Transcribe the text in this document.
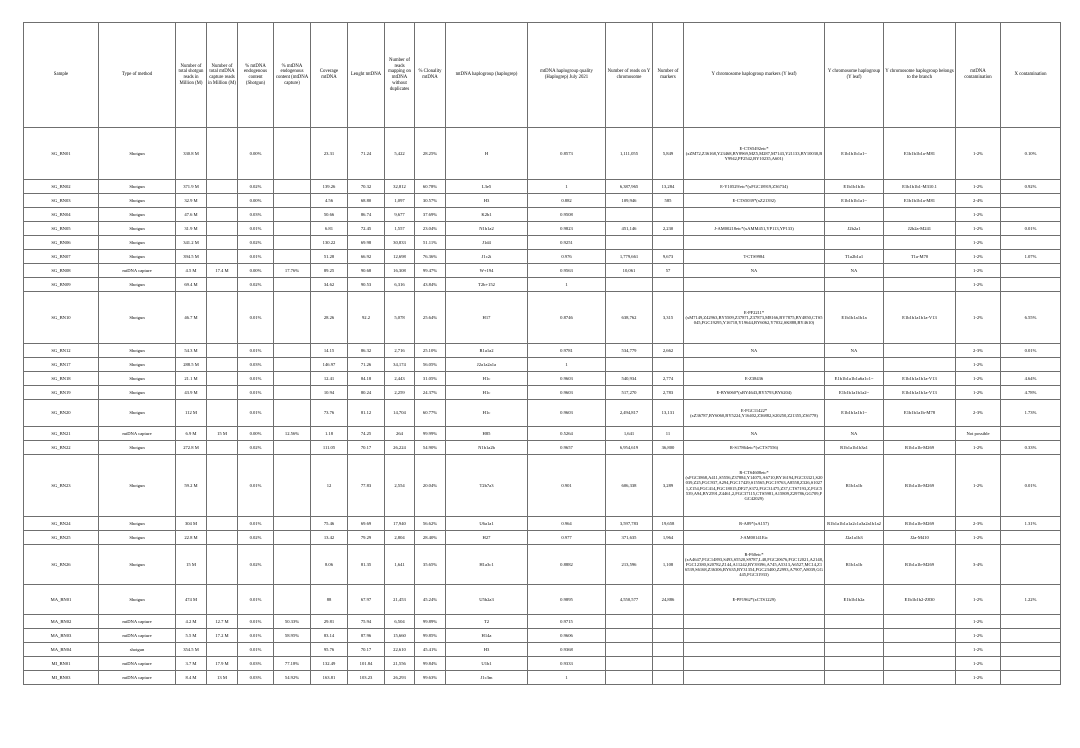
Sample	Type of method	Number of total shotgun reads in Million (M)	Number of total mtDNA capture reads in Million (M)	% mtDNA endogenous content (Shotgun)	% mtDNA endogenous content (mtDNA capture)	Coverage mtDNA	Lenght mtDNA	Number of reads mapping on mtDNA without duplicates	% Clonality mtDNA	mtDNA haplogroup (haplogrep)	mtDNA haplogroup quality (Haplogrep) July 2021	Number of reads on Y chromosome	Number of markers	Y chromosome haplogroup markers (Y leaf)	Y chromosome haplogroup (Y leaf)	Y chromosome haplogroup belongs to the branch	mtDNA contamination	X contamination
SG_BN01	Shotgun	330.8 M		0.00%		23.31	71.24	5,422	28.25%	H	0.8573	1,111,055	5,849	E-CTS5492etc*(xZM72,Z36168,Y23468,BY8969,MZ5,M287,M7143,Y21133,BY10030,BY9942,PF2542,BY10235,A601)	E1b1b1b1a1~	E1b1b1b1a-M81	1-2%	0.10%
SG_BN02	Shotgun	371.9 M		0.02%		139.26	70.32	32,812	60.78%	L3e5	1	6,387,965	13,284	E-Y10529/etc*(xFGC18919,Z36734)	E1b1b1b1b	E1b1b1b1-M310.1	1-2%	0.92%
SG_BN03	Shotgun	32.9 M		0.00%		4.56	68.80	1,097	30.57%	H3	0.882	109,946	585	E-CTS5039*(xZ21392)	E1b1b1b1a1~	E1b1b1b1a-M81	2-4%	
SG_BN04	Shotgun	47.6 M		0.03%		50.66	86.74	9,677	37.69%	K2b1	0.9508						1-2%	
SG_BN05	Shotgun	31.9 M		0.01%		6.81	72.45	1,557	23.04%	N1b1a2	0.9823	451,146	2,230	J-AM00218etc*(xAMM451,YP113,YP133)	J2b2a1	J2b2a-M241	1-2%	0.01%
SG_BN06	Shotgun	341.2 M		0.02%		130.22	69.98	30,833	51.11%	J1d4	0.9251						1-2%	
SG_BN07	Shotgun	394.5 M		0.01%		51.28	66.92	12,698	76.36%	J1c2i	0.976	1,779,661	9,673	T-CTS9984	T1a2b1a1	T1a-M70	1-2%	1.07%
SG_BN08	mtDNA capture	4.5 M	17.4 M	0.00%	17.76%	89.25	90.68	16,308	99.47%	W+194	0.9563	10,061	57	NA	NA		1-2%	
SG_BN09	Shotgun	69.4 M		0.02%		34.62	90.53	6,316	43.84%	T2b+152	1						1-2%	
SG_BN10	Shotgun	46.7 M		0.01%		28.26	92.2	5,078	25.64%	H17	0.8746	638,762	3,315	E-PF2211*(xM7149,Z42963,BY5509,Z37871,Z37873,M8166,BY7875,BY4850,CTS5045,FGC19295,Y16718,Y19644,BY6062,Y7032,SK888,BY4610)	E1b1b1a1b1a	E1b1b1a1b1a-V13	1-2%	6.55%
SG_BN12	Shotgun	54.3 M		0.01%		14.15	86.32	2,716	25.10%	R1a1a2	0.9781	534,779	2,662	NA	NA		2-3%	0.01%
SG_BN17	Shotgun	288.5 M		0.03%		146.97	71.26	34,174	56.05%	J2a1a2a1a	1						1-2%	
SG_BN18	Shotgun	21.1 M		0.01%		12.41	84.18	2,443	31.05%	H1c	0.9603	540,934	2,774	E-Z38436	E1b1b1a1b1a6a1c1~	E1b1b1a1b1a-V13	1-2%	4.64%
SG_BN19	Shotgun	43.9 M		0.01%		10.94	80.24	2,259	24.37%	H1c	0.9603	517,270	2,783	E-BY6060*(xBY4643,BY5793,BY6204)	E1b1b1a1b1a2~	E1b1b1a1b1a-V13	1-2%	4.78%
SG_BN20	Shotgun	112 M		0.01%		73.76	81.12	14,704	60.77%	H1c	0.9603	2,494,817	13,131	E-FGC11422*(xZ36787,BY6060,BY5224,Y16402,Z36882,S20250,Z21355,Z36778)	E1b1b1a1b1~	E1b1b1a1b-M78	2-3%	1.73%
SG_BN21	mtDNA capture	6.9 M	15 M	0.00%	12.56%	1.18	74.25	264	99.99%	H85	0.5264	1,641	11	NA	NA		Not possible	
SG_BN22	Shotgun	272.8 M		0.02%		111.05	70.17	26,224	54.90%	N1b1a2b	0.9657	6,954,619	36,800	R-S17864etc*(xCTS7556)	R1b1a1b1b3a1	R1b1a1b-M269	1-2%	0.33%
SG_BN23	Shotgun	59.2 M		0.01%		12	77.83	2,554	20.04%	T2b7a3	0.901	606,338	3,289	R-CTS4608etc*(xFGC3868,A411,S5556,Z37884,Y14075,A6710,BY16194,FGC33321,S20039,Z25,FGC937,A294,FGC17429,S15565,FGC19763,A8558,Z326,S10271,Z154,FGC414,FGC18015,DF27,S372,FGC31475,Z37,CTS7193,Z,FGC5539,A94,BY2591,Z4461,2,FGC37115,CTS5981,A15809,Z29786,GG709,FGC42029)	R1b1a1b	R1b1a1b-M269	1-2%	0.01%
SG_BN24	Shotgun	304 M		0.01%		75.46	69.69	17,940	56.62%	U6a1a1	0.964	3,597,783	19,658	R-A89*(xA157)	R1b1a1b1a1a2c1a3a2a1b1a2	R1b1a1b-M269	2-3%	1.31%
SG_BN25	Shotgun	22.8 M		0.02%		13.42	79.29	2,804	28.40%	H27	0.977	371,635	1,964	J-AM00141Etc	J2a1a1b3	J2a-M410	1-2%	
SG_BN26	Shotgun	15 M		0.02%		8.06	81.35	1,641	35.65%	H1a3c1	0.8882	213,596	1,108	R-F60etc*(xA4647,FGC14893,S493,S5520,S9787,L48,FGC20676,FGC12021,A2148,FGC12380,S20782,Z144,A11242,BY39396,A745,A5313,A6527,MC14,Z16539,S6168,Z36306,BY635,BY31354,FGC23400,Z2993,A7907,A8039,GG445,FGC31933)	R1b1a1b	R1b1a1b-M269	3-4%	
MA_BN01	Shotgun	474 M		0.01%		88	67.97	21,453	45.24%	U5b2a3	0.9895	4,550,577	24,886	E-PF1962*(xCTS1229)	E1b1b1b2a	E1b1b1b2-Z830	1-2%	1.22%
MA_BN02	mtDNA capture	4.2 M	12.7 M	0.01%	50.33%	29.81	75.94	6,504	99.89%	T2	0.9715						1-2%	
MA_BN03	mtDNA capture	5.5 M	17.2 M	0.01%	58.95%	83.14	87.96	15,660	99.85%	H14a	0.9606						1-2%	
MA_BN04	shotgun	354.5 M		0.01%		95.76	70.17	22,610	45.41%	H3	0.9368						1-2%	
MI_BN01	mtDNA capture	3.7 M	17.9 M	0.03%	77.18%	132.49	101.84	21,556	99.84%	U1b1	0.9333						1-2%	
MI_BN03	mtDNA capture	8.4 M	13 M	0.03%	54.92%	163.81	103.23	26,293	99.63%	J1c3m	1						1-2%	
